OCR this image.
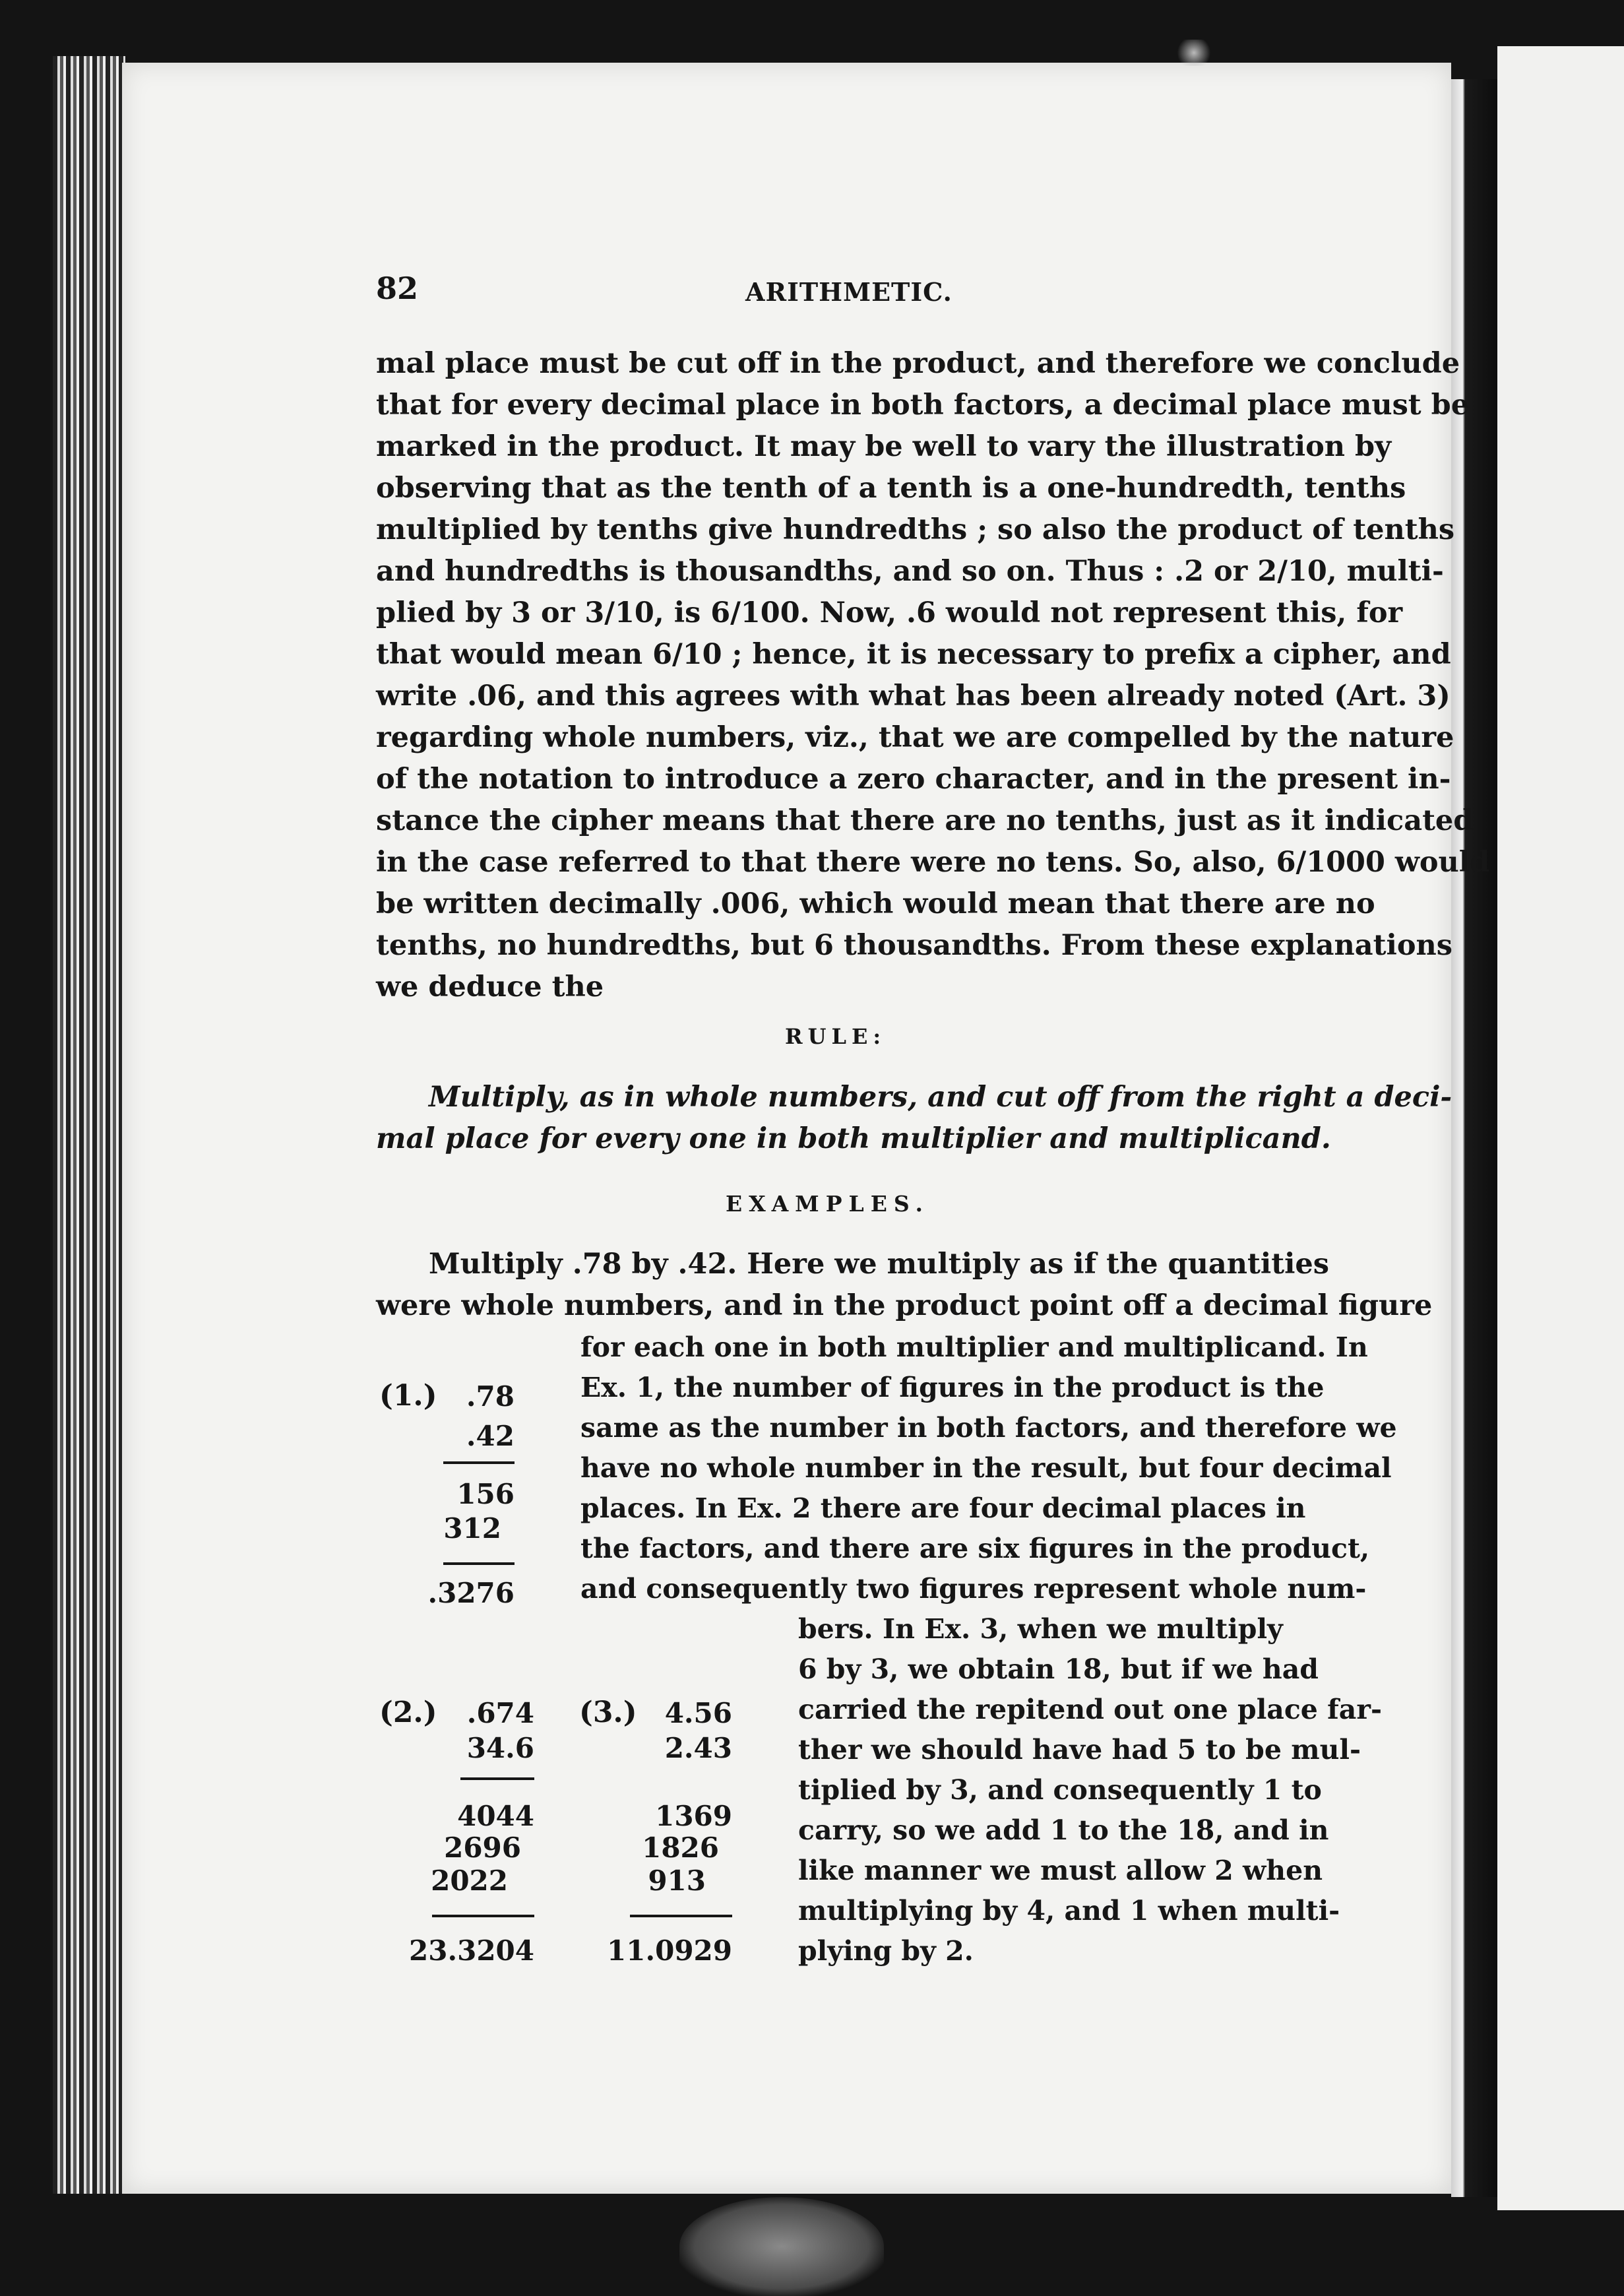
82	ARITHMETIC.
mal place must be cut off in the product, and therefore we conclude
that for every decimal place in both factors, a decimal place must be
marked in the product. It may be well to vary the illustration by
observing that as the tenth of a tenth is a one-hundredth, tenths
multiplied by tenths give hundredths ; so also the product of tenths
and hundredths is thousandths, and so on. Thus : .2 or 2/10, multi-
plied by 3 or 3/10, is 6/100. Now, .6 would not represent this, for
that would mean 6/10 ; hence, it is necessary to prefix a cipher, and
write .06, and this agrees with what has been already noted (Art. 3)
regarding whole numbers, viz., that we are compelled by the nature
of the notation to introduce a zero character, and in the present in-
stance the cipher means that there are no tenths, just as it indicated
in the case referred to that there were no tens. So, also, 6/1000 would
be written decimally .006, which would mean that there are no
tenths, no hundredths, but 6 thousandths. From these explanations
we deduce the
RULE:
Multiply, as in whole numbers, and cut off from the right a deci-
mal place for every one in both multiplier and multiplicand.
EXAMPLES.
Multiply .78 by .42. Here we multiply as if the quantities
were whole numbers, and in the product point off a decimal figure
for each one in both multiplier and multiplicand. In
Ex. 1, the number of figures in the product is the
same as the number in both factors, and therefore we
have no whole number in the result, but four decimal
places. In Ex. 2 there are four decimal places in
the factors, and there are six figures in the product,
and consequently two figures represent whole num-
bers. In Ex. 3, when we multiply
6 by 3, we obtain 18, but if we had
carried the repitend out one place far-
ther we should have had 5 to be mul-
tiplied by 3, and consequently 1 to
carry, so we add 1 to the 18, and in
like manner we must allow 2 when
multiplying by 4, and 1 when multi-
plying by 2.
(1.)	.78
.42
156
312
.3276
(2.)	.674
34.6
4044
2696
2022
23.3204
(3.)	4.56
2.43
1369
1826
913
11.0929
